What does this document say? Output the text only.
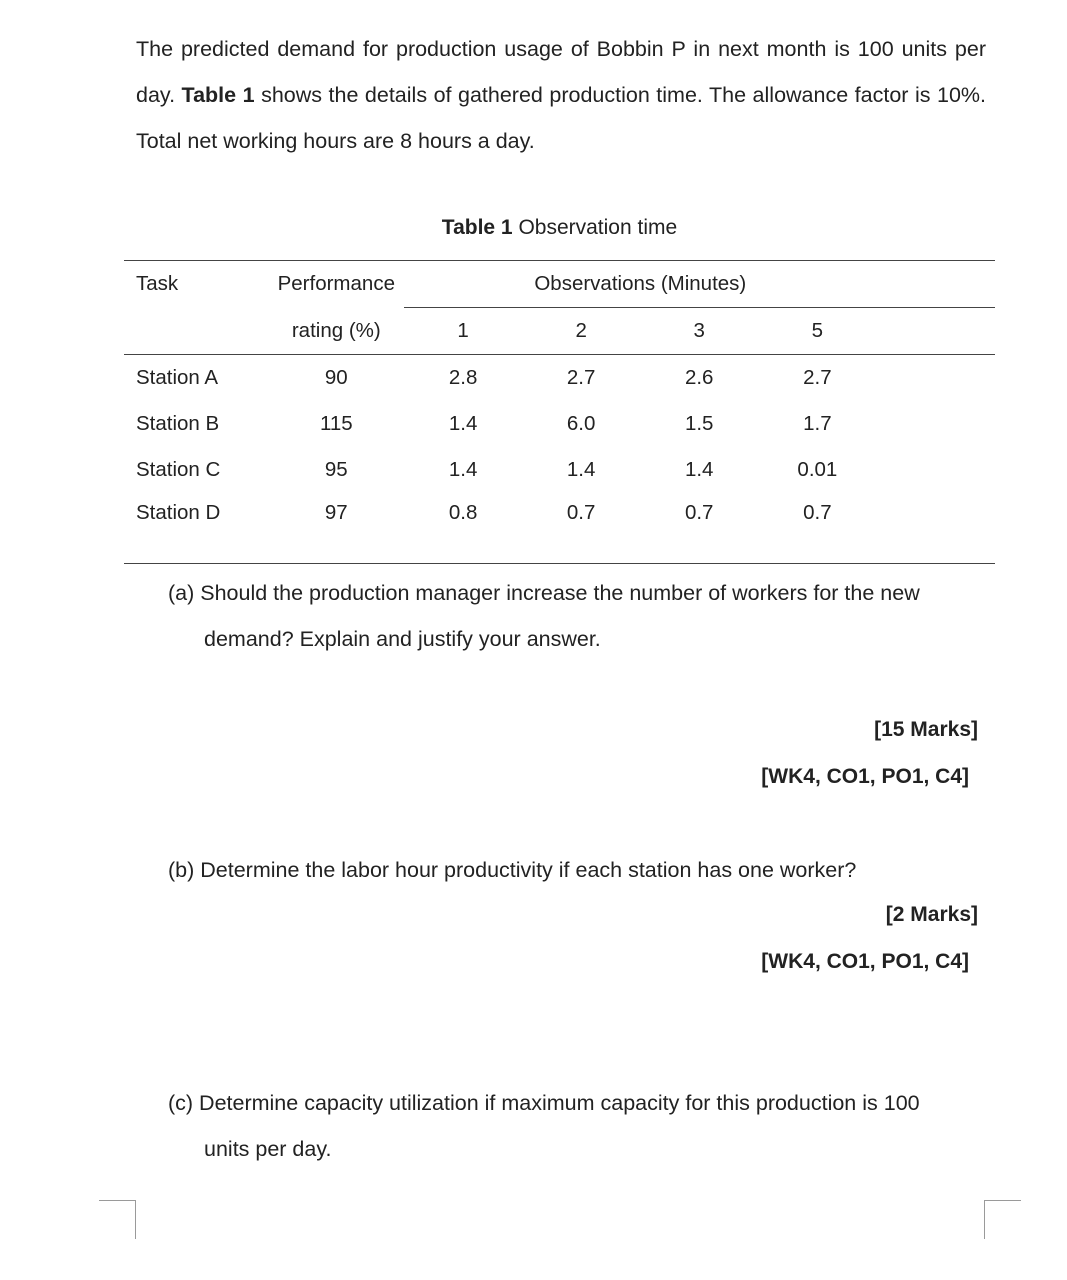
The predicted demand for production usage of Bobbin P in next month is 100 units per day. Table 1 shows the details of gathered production time. The allowance factor is 10%. Total net working hours are 8 hours a day.

Table 1 Observation time

Task	Performance	Observations (Minutes)				
	rating (%)	1	2	3	5	
Station A	90	2.8	2.7	2.6	2.7	
Station B	115	1.4	6.0	1.5	1.7	
Station C	95	1.4	1.4	1.4	0.01	
Station D	97	0.8	0.7	0.7	0.7	

(a) Should the production manager increase the number of workers for the new
demand? Explain and justify your answer.

[15 Marks]

[WK4, CO1, PO1, C4]

(b) Determine the labor hour productivity if each station has one worker?

[2 Marks]

[WK4, CO1, PO1, C4]

(c) Determine capacity utilization if maximum capacity for this production is 100
units per day.
